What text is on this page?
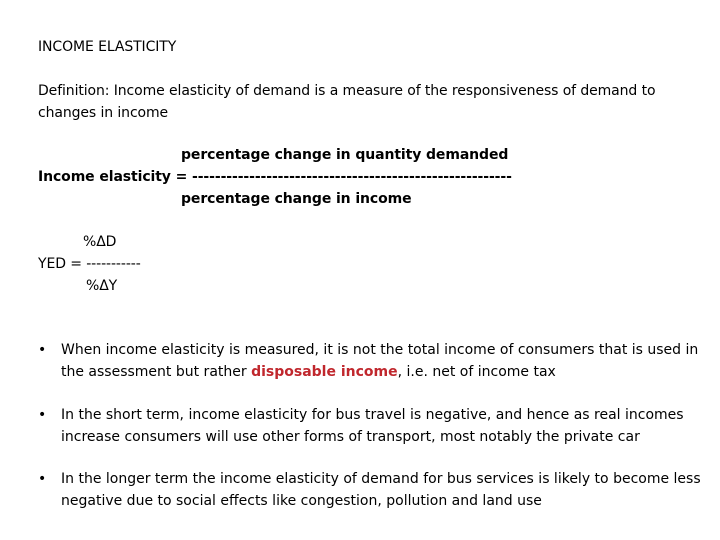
INCOME ELASTICITY
Definition: Income elasticity of demand is a measure of the responsiveness of demand to
changes in income
percentage change in quantity demanded
Income elasticity = --------------------------------------------------------
percentage change in income
%ΔD
YED = -----------
%ΔY
• When income elasticity is measured, it is not the total income of consumers that is used in the assessment but rather disposable income, i.e. net of income tax
• In the short term, income elasticity for bus travel is negative, and hence as real incomes increase consumers will use other forms of transport, most notably the private car
• In the longer term the income elasticity of demand for bus services is likely to become less negative due to social effects like congestion, pollution and land use
